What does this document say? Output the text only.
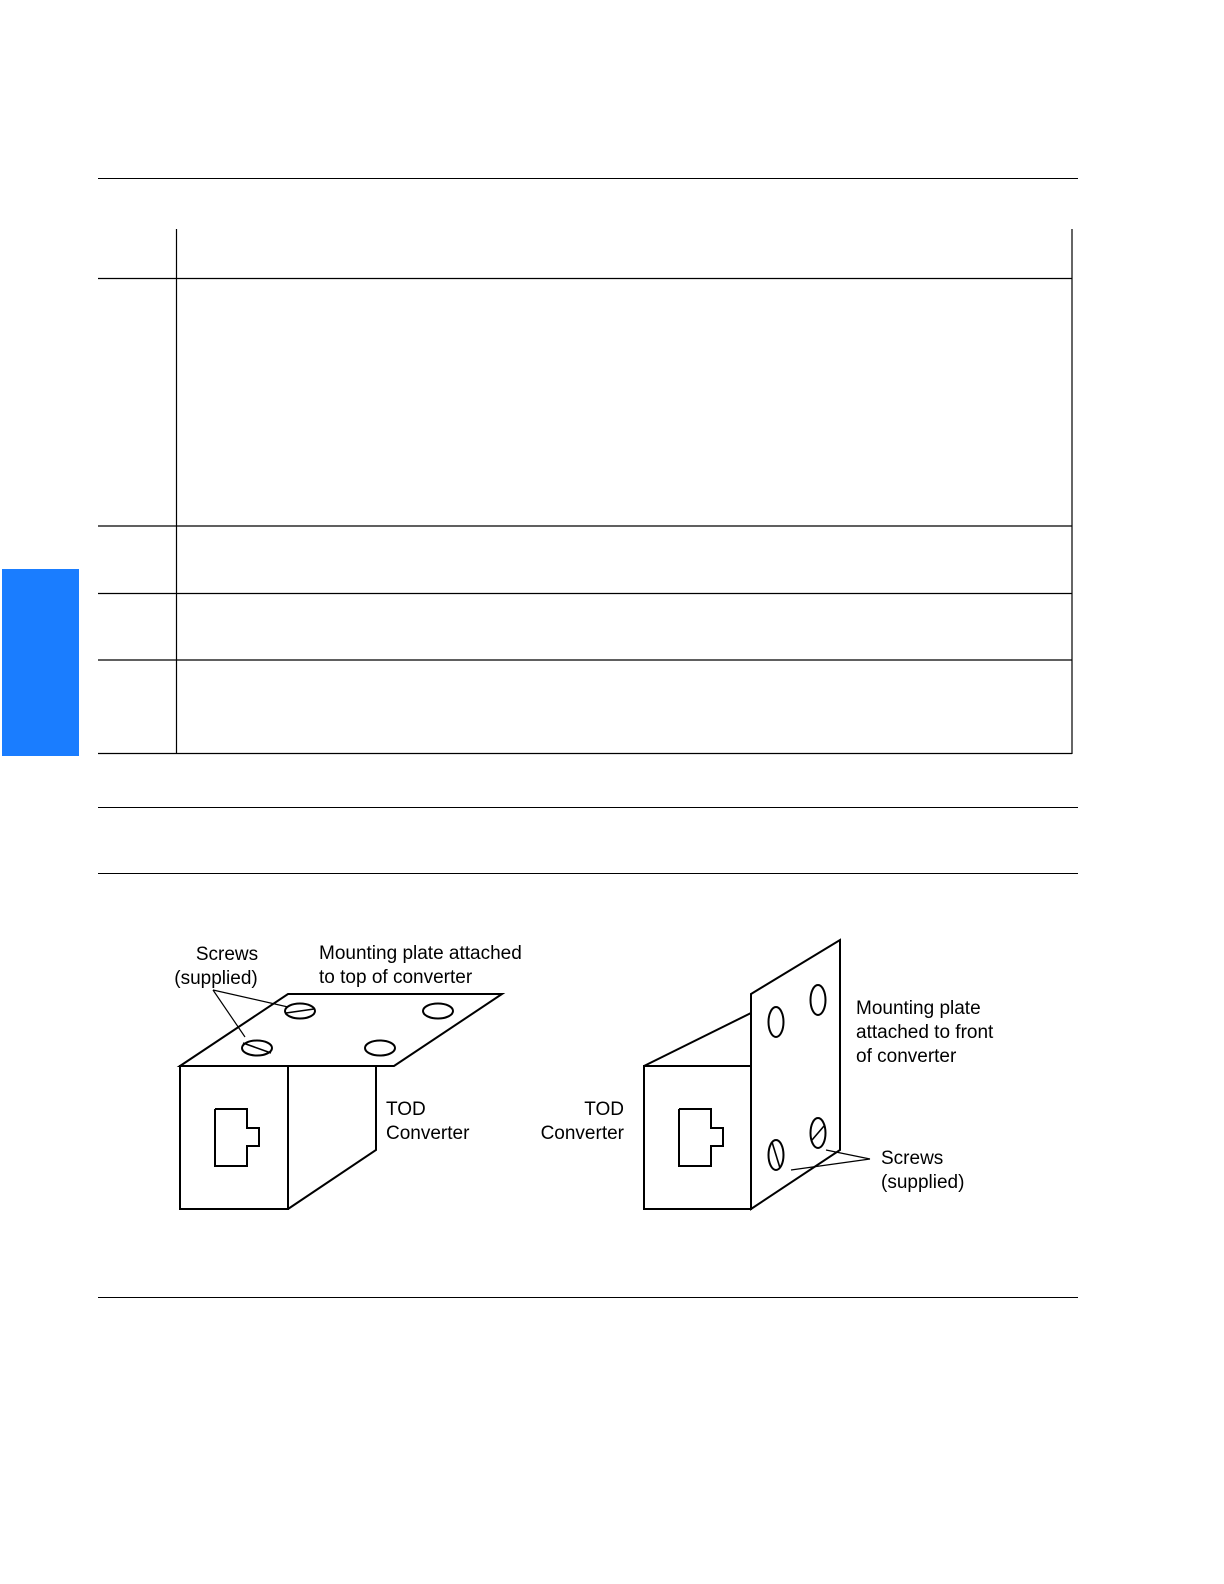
Screws
(supplied)
Mounting plate attached
to top of converter
TOD
Converter
TOD
Converter
Mounting plate
attached to front
of converter
Screws
(supplied)
